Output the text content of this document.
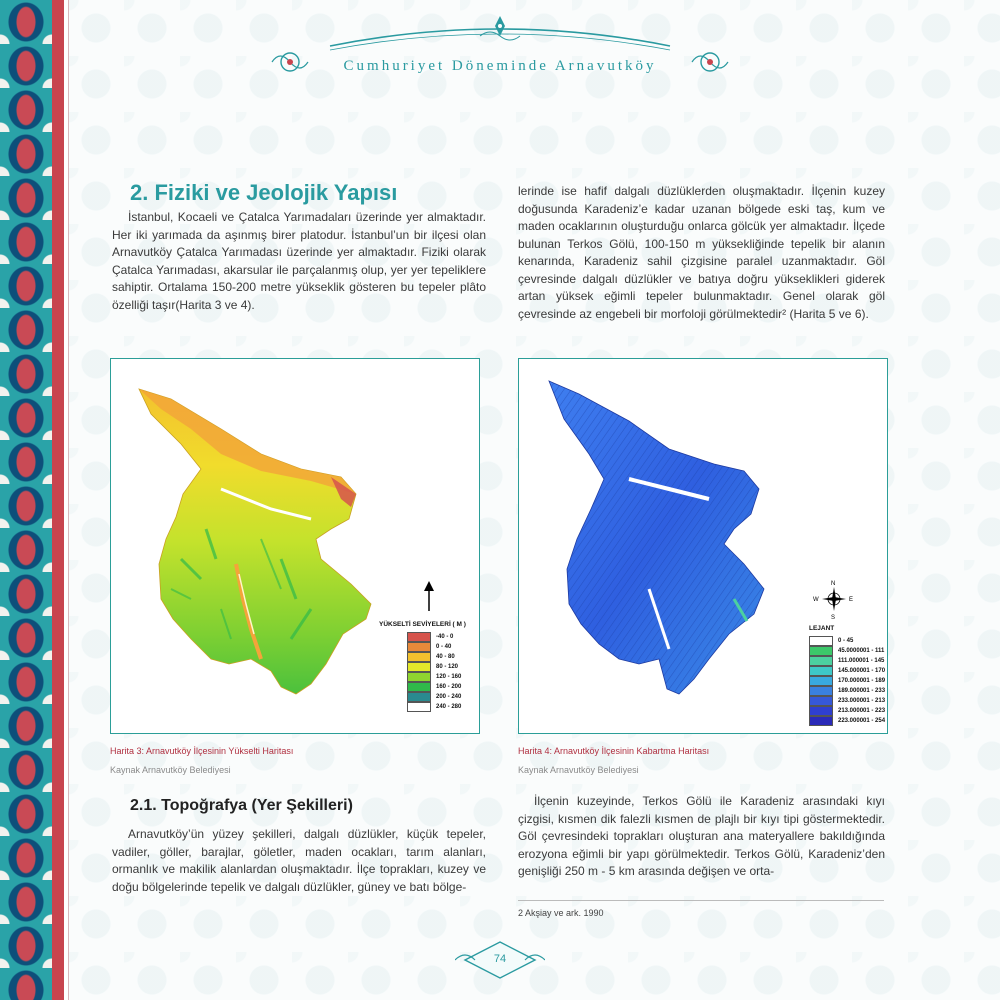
Cumhuriyet Döneminde Arnavutköy
2. Fiziki ve Jeolojik Yapısı

İstanbul, Kocaeli ve Çatalca Yarımadaları üzerinde yer almaktadır. Her iki yarımada da aşınmış birer platodur. İstanbul’un bir ilçesi olan Arnavutköy Çatalca Yarımadası üzerinde yer almaktadır. Fiziki olarak Çatalca Yarımadası, akarsular ile parçalanmış olup, yer yer tepeliklere sahiptir. Ortalama 150-200 metre yükseklik gösteren bu tepeler plâto özelliği taşır(Harita 3 ve 4).

lerinde ise hafif dalgalı düzlüklerden oluşmaktadır. İlçenin kuzey doğusunda Karadeniz’e kadar uzanan bölgede eski taş, kum ve maden ocaklarının oluşturduğu onlarca gölcük yer almaktadır. İlçede bulunan Terkos Gölü, 100-150 m yüksekliğinde tepelik bir alanın kenarında, Karadeniz sahil çizgisine paralel uzanmaktadır. Göl çevresinde dalgalı düzlükler ve batıya doğru yükseklikleri giderek artan yüksek eğimli tepeler bulunmaktadır. Genel olarak göl çevresinde az engebeli bir morfoloji görülmektedir² (Harita 5 ve 6).

YÜKSELTİ SEVİYELERİ ( M )
-40 - 0
0 - 40
40 - 80
80 - 120
120 - 160
160 - 200
200 - 240
240 - 280
Harita 3: Arnavutköy İlçesinin Yükselti Haritası
Kaynak Arnavutköy Belediyesi
N
S
E
W
LEJANT
0 - 45
45.0000001 - 111
111.000001 - 145
145.000001 - 170
170.000001 - 189
189.000001 - 233
233.000001 - 213
213.000001 - 223
223.000001 - 254
Harita 4: Arnavutköy İlçesinin Kabartma Haritası
Kaynak Arnavutköy Belediyesi
2.1. Topoğrafya (Yer Şekilleri)

Arnavutköy’ün yüzey şekilleri, dalgalı düzlükler, küçük tepeler, vadiler, göller, barajlar, göletler, maden ocakları, tarım alanları, ormanlık ve makilik alanlardan oluşmaktadır. İlçe toprakları, kuzey ve doğu bölgelerinde tepelik ve dalgalı düzlükler, güney ve batı bölge-

İlçenin kuzeyinde, Terkos Gölü ile Karadeniz arasındaki kıyı çizgisi, kısmen dik falezli kısmen de plajlı bir kıyı tipi göstermektedir. Göl çevresindeki toprakları oluşturan ana materyallere bakıldığında erozyona eğimli bir yapı görülmektedir. Terkos Gölü, Karadeniz’den genişliği 250 m - 5 km arasında değişen ve orta-

2 Akşiay ve ark. 1990
74
